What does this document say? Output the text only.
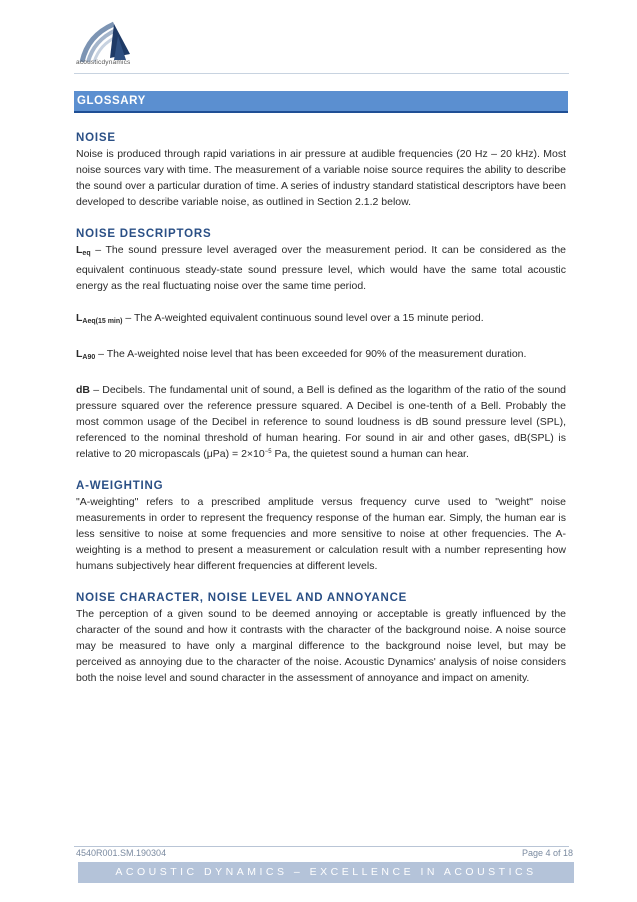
acousticdynamics
GLOSSARY
NOISE

Noise is produced through rapid variations in air pressure at audible frequencies (20 Hz – 20 kHz). Most noise sources vary with time. The measurement of a variable noise source requires the ability to describe the sound over a particular duration of time. A series of industry standard statistical descriptors have been developed to describe variable noise, as outlined in Section 2.1.2 below.

NOISE DESCRIPTORS

$L_{eq}$ – The sound pressure level averaged over the measurement period. It can be considered as the equivalent continuous steady-state sound pressure level, which would have the same total acoustic energy as the real fluctuating noise over the same time period.

$L_{Aeq(15 min)}$ – The A-weighted equivalent continuous sound level over a 15 minute period.

$L_{A90}$ – The A-weighted noise level that has been exceeded for 90% of the measurement duration.

dB – Decibels. The fundamental unit of sound, a Bell is defined as the logarithm of the ratio of the sound pressure squared over the reference pressure squared. A Decibel is one-tenth of a Bell. Probably the most common usage of the Decibel in reference to sound loudness is dB sound pressure level (SPL), referenced to the nominal threshold of human hearing. For sound in air and other gases, dB(SPL) is relative to 20 micropascals $(\mu Pa) = 2\times 10^{-5}$ Pa, the quietest sound a human can hear.

A-WEIGHTING

"A-weighting" refers to a prescribed amplitude versus frequency curve used to "weight" noise measurements in order to represent the frequency response of the human ear. Simply, the human ear is less sensitive to noise at some frequencies and more sensitive to noise at other frequencies. The A-weighting is a method to present a measurement or calculation result with a number representing how humans subjectively hear different frequencies at different levels.

NOISE CHARACTER, NOISE LEVEL AND ANNOYANCE

The perception of a given sound to be deemed annoying or acceptable is greatly influenced by the character of the sound and how it contrasts with the character of the background noise. A noise source may be measured to have only a marginal difference to the background noise level, but may be perceived as annoying due to the character of the noise. Acoustic Dynamics' analysis of noise considers both the noise level and sound character in the assessment of annoyance and impact on amenity.

4540R001.SM.190304	Page 4 of 18
ACOUSTIC DYNAMICS – EXCELLENCE IN ACOUSTICS
